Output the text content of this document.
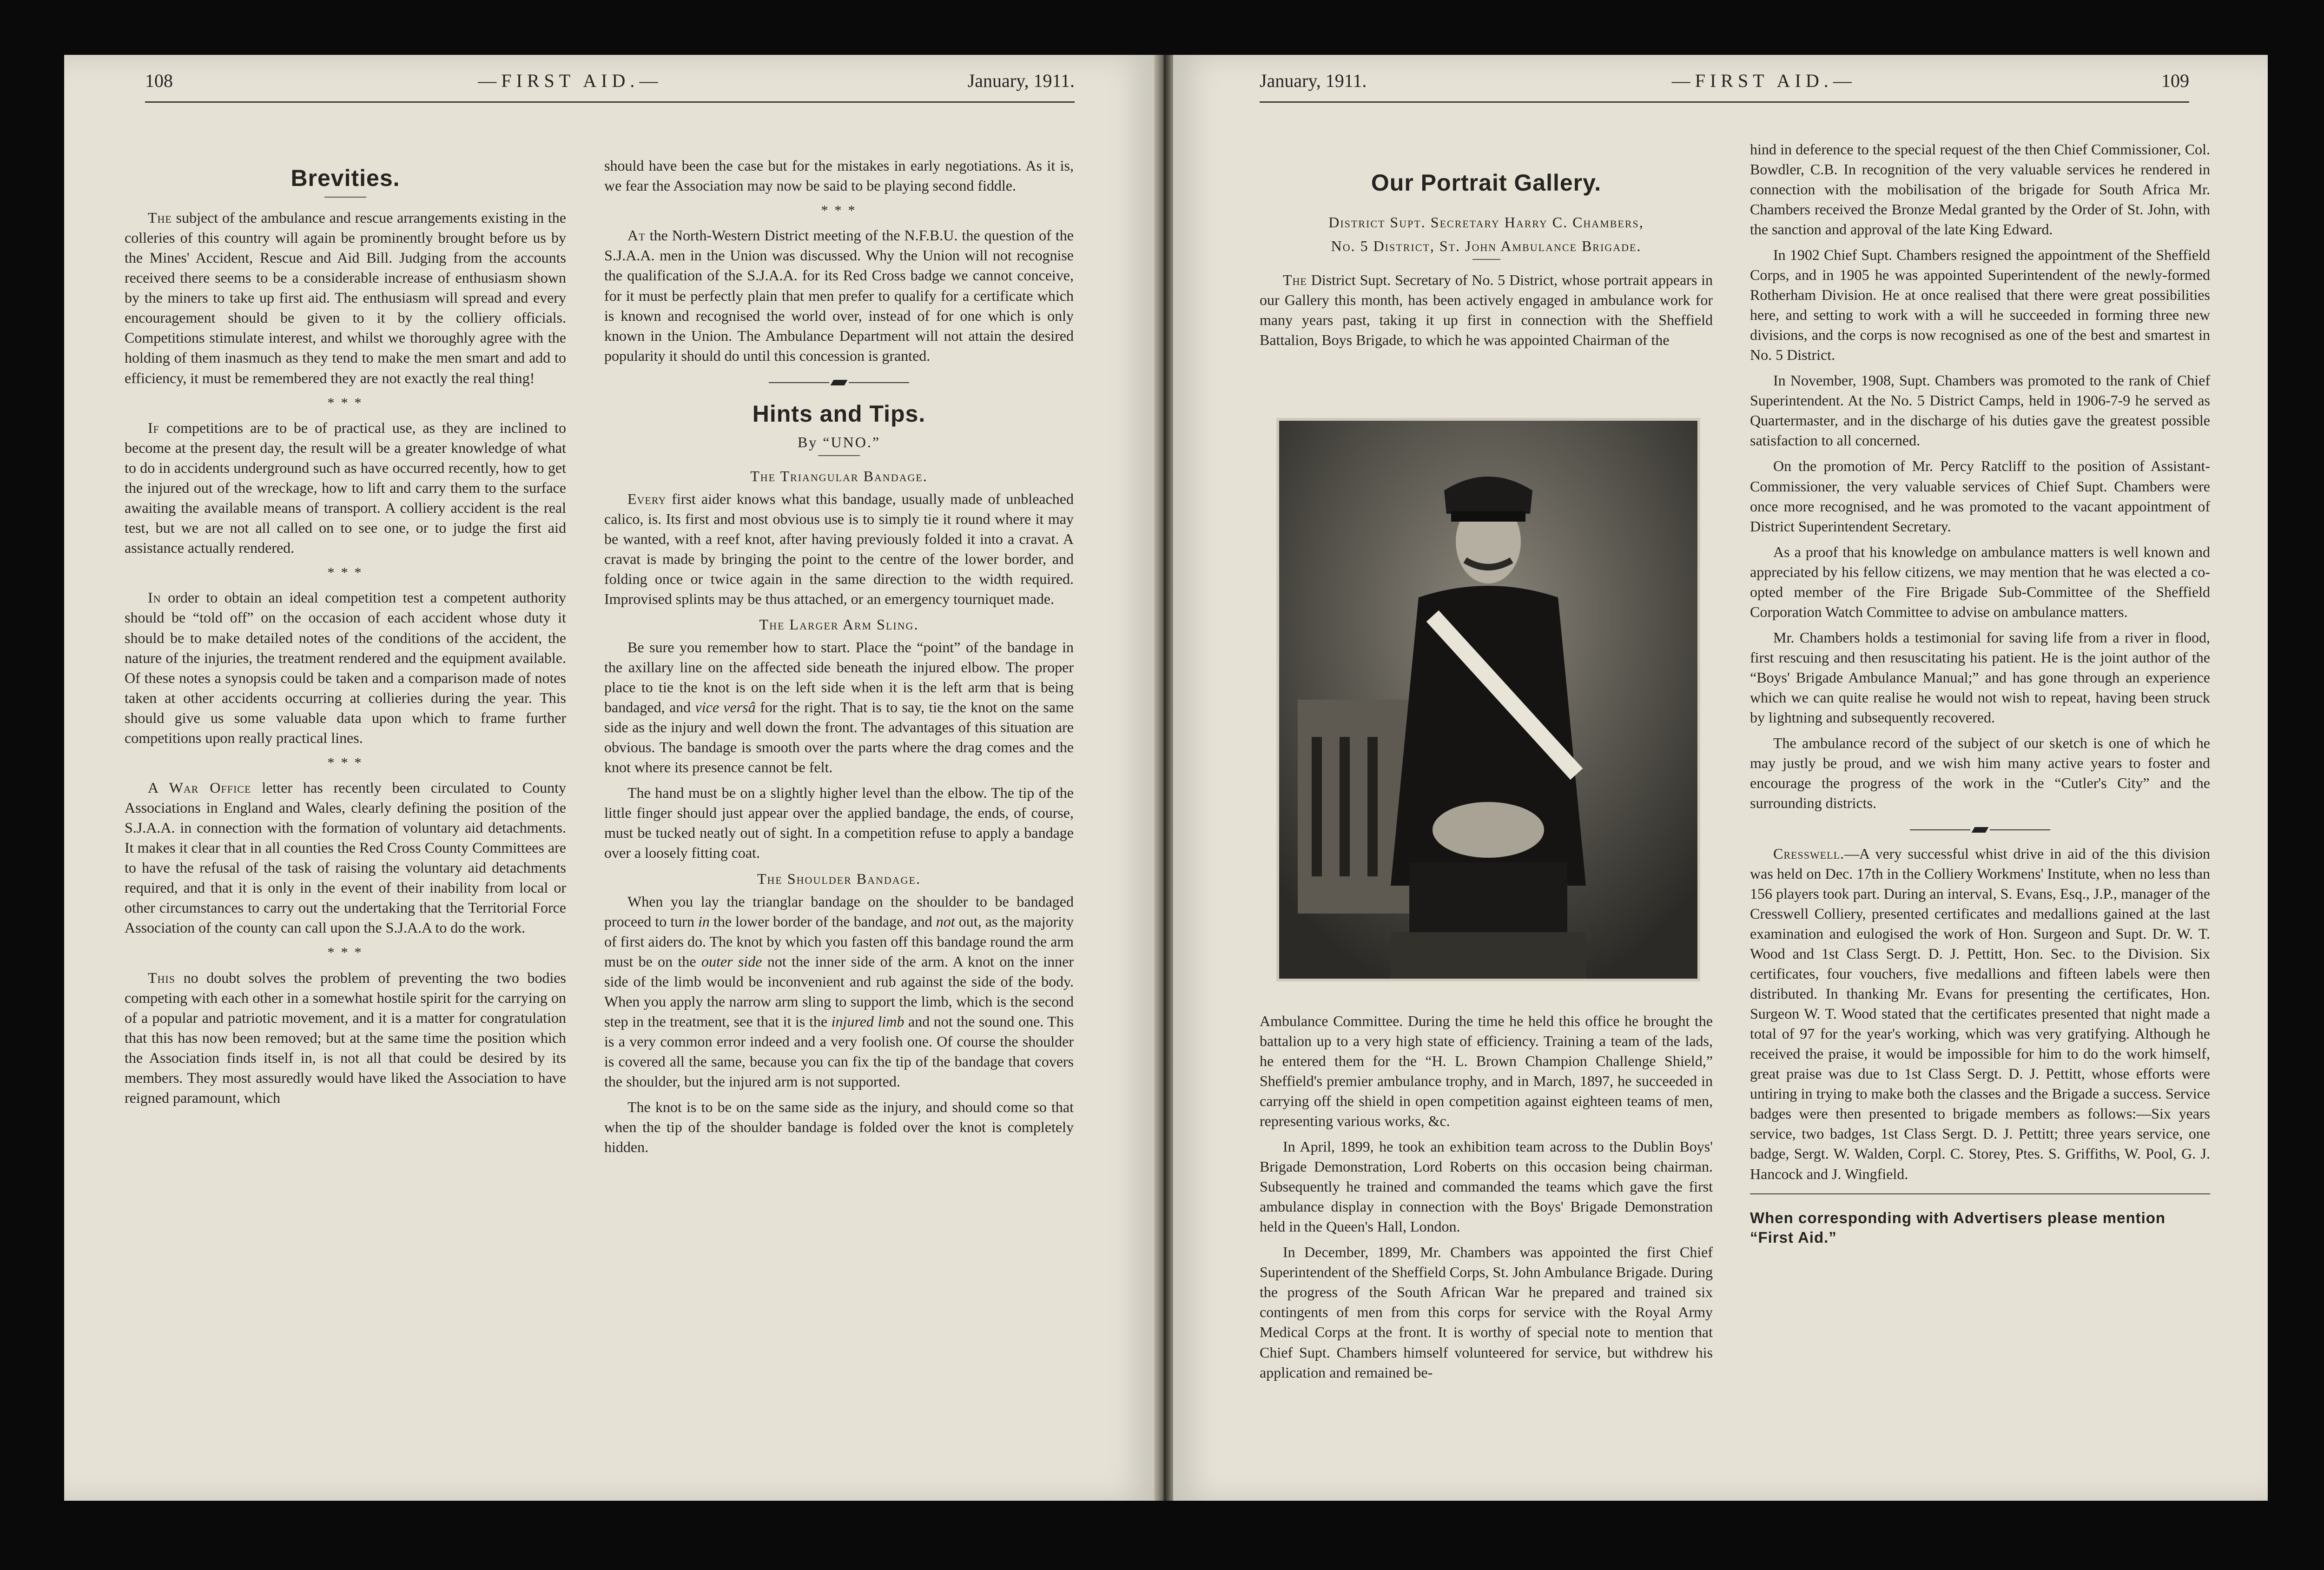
108	—FIRST AID.—	January, 1911.
Brevities.

The subject of the ambulance and rescue arrangements existing in the colleries of this country will again be prominently brought before us by the Mines' Accident, Rescue and Aid Bill. Judging from the accounts received there seems to be a considerable increase of enthusiasm shown by the miners to take up first aid. The enthusiasm will spread and every encouragement should be given to it by the colliery officials. Competitions stimulate interest, and whilst we thoroughly agree with the holding of them inasmuch as they tend to make the men smart and add to efficiency, it must be remembered they are not exactly the real thing!

* * *

If competitions are to be of practical use, as they are inclined to become at the present day, the result will be a greater knowledge of what to do in accidents underground such as have occurred recently, how to get the injured out of the wreckage, how to lift and carry them to the surface awaiting the available means of transport. A colliery accident is the real test, but we are not all called on to see one, or to judge the first aid assistance actually rendered.

* * *

In order to obtain an ideal competition test a competent authority should be “told off” on the occasion of each accident whose duty it should be to make detailed notes of the conditions of the accident, the nature of the injuries, the treatment rendered and the equipment available. Of these notes a synopsis could be taken and a comparison made of notes taken at other accidents occurring at collieries during the year. This should give us some valuable data upon which to frame further competitions upon really practical lines.

* * *

A War Office letter has recently been circulated to County Associations in England and Wales, clearly defining the position of the S.J.A.A. in connection with the formation of voluntary aid detachments. It makes it clear that in all counties the Red Cross County Committees are to have the refusal of the task of raising the voluntary aid detachments required, and that it is only in the event of their inability from local or other circumstances to carry out the undertaking that the Territorial Force Association of the county can call upon the S.J.A.A to do the work.

* * *

This no doubt solves the problem of preventing the two bodies competing with each other in a somewhat hostile spirit for the carrying on of a popular and patriotic movement, and it is a matter for congratulation that this has now been removed; but at the same time the position which the Association finds itself in, is not all that could be desired by its members. They most assuredly would have liked the Association to have reigned paramount, which

should have been the case but for the mistakes in early negotiations. As it is, we fear the Association may now be said to be playing second fiddle.

* * *

At the North-Western District meeting of the N.F.B.U. the question of the S.J.A.A. men in the Union was discussed. Why the Union will not recognise the qualification of the S.J.A.A. for its Red Cross badge we cannot conceive, for it must be perfectly plain that men prefer to qualify for a certificate which is known and recognised the world over, instead of for one which is only known in the Union. The Ambulance Department will not attain the desired popularity it should do until this concession is granted.

Hints and Tips.
By “UNO.”
The Triangular Bandage.

Every first aider knows what this bandage, usually made of unbleached calico, is. Its first and most obvious use is to simply tie it round where it may be wanted, with a reef knot, after having previously folded it into a cravat. A cravat is made by bringing the point to the centre of the lower border, and folding once or twice again in the same direction to the width required. Improvised splints may be thus attached, or an emergency tourniquet made.

The Larger Arm Sling.

Be sure you remember how to start. Place the “point” of the bandage in the axillary line on the affected side beneath the injured elbow. The proper place to tie the knot is on the left side when it is the left arm that is being bandaged, and vice versâ for the right. That is to say, tie the knot on the same side as the injury and well down the front. The advantages of this situation are obvious. The bandage is smooth over the parts where the drag comes and the knot where its presence cannot be felt.

The hand must be on a slightly higher level than the elbow. The tip of the little finger should just appear over the applied bandage, the ends, of course, must be tucked neatly out of sight. In a competition refuse to apply a bandage over a loosely fitting coat.

The Shoulder Bandage.

When you lay the trianglar bandage on the shoulder to be bandaged proceed to turn in the lower border of the bandage, and not out, as the majority of first aiders do. The knot by which you fasten off this bandage round the arm must be on the outer side not the inner side of the arm. A knot on the inner side of the limb would be inconvenient and rub against the side of the body. When you apply the narrow arm sling to support the limb, which is the second step in the treatment, see that it is the injured limb and not the sound one. This is a very common error indeed and a very foolish one. Of course the shoulder is covered all the same, because you can fix the tip of the bandage that covers the shoulder, but the injured arm is not supported.

The knot is to be on the same side as the injury, and should come so that when the tip of the shoulder bandage is folded over the knot is completely hidden.

January, 1911.	—FIRST AID.—	109
Our Portrait Gallery.
District Supt. Secretary Harry C. Chambers,
No. 5 District, St. John Ambulance Brigade.

The District Supt. Secretary of No. 5 District, whose portrait appears in our Gallery this month, has been actively engaged in ambulance work for many years past, taking it up first in connection with the Sheffield Battalion, Boys Brigade, to which he was appointed Chairman of the

Ambulance Committee. During the time he held this office he brought the battalion up to a very high state of efficiency. Training a team of the lads, he entered them for the “H. L. Brown Champion Challenge Shield,” Sheffield's premier ambulance trophy, and in March, 1897, he succeeded in carrying off the shield in open competition against eighteen teams of men, representing various works, &c.

In April, 1899, he took an exhibition team across to the Dublin Boys' Brigade Demonstration, Lord Roberts on this occasion being chairman. Subsequently he trained and commanded the teams which gave the first ambulance display in connection with the Boys' Brigade Demonstration held in the Queen's Hall, London.

In December, 1899, Mr. Chambers was appointed the first Chief Superintendent of the Sheffield Corps, St. John Ambulance Brigade. During the progress of the South African War he prepared and trained six contingents of men from this corps for service with the Royal Army Medical Corps at the front. It is worthy of special note to mention that Chief Supt. Chambers himself volunteered for service, but withdrew his application and remained be-

hind in deference to the special request of the then Chief Commissioner, Col. Bowdler, C.B. In recognition of the very valuable services he rendered in connection with the mobilisation of the brigade for South Africa Mr. Chambers received the Bronze Medal granted by the Order of St. John, with the sanction and approval of the late King Edward.

In 1902 Chief Supt. Chambers resigned the appointment of the Sheffield Corps, and in 1905 he was appointed Superintendent of the newly-formed Rotherham Division. He at once realised that there were great possibilities here, and setting to work with a will he succeeded in forming three new divisions, and the corps is now recognised as one of the best and smartest in No. 5 District.

In November, 1908, Supt. Chambers was promoted to the rank of Chief Superintendent. At the No. 5 District Camps, held in 1906-7-9 he served as Quartermaster, and in the discharge of his duties gave the greatest possible satisfaction to all concerned.

On the promotion of Mr. Percy Ratcliff to the position of Assistant-Commissioner, the very valuable services of Chief Supt. Chambers were once more recognised, and he was promoted to the vacant appointment of District Superintendent Secretary.

As a proof that his knowledge on ambulance matters is well known and appreciated by his fellow citizens, we may mention that he was elected a co-opted member of the Fire Brigade Sub-Committee of the Sheffield Corporation Watch Committee to advise on ambulance matters.

Mr. Chambers holds a testimonial for saving life from a river in flood, first rescuing and then resuscitating his patient. He is the joint author of the “Boys' Brigade Ambulance Manual;” and has gone through an experience which we can quite realise he would not wish to repeat, having been struck by lightning and subsequently recovered.

The ambulance record of the subject of our sketch is one of which he may justly be proud, and we wish him many active years to foster and encourage the progress of the work in the “Cutler's City” and the surrounding districts.

Cresswell.—A very successful whist drive in aid of the this division was held on Dec. 17th in the Colliery Workmens' Institute, when no less than 156 players took part. During an interval, S. Evans, Esq., J.P., manager of the Cresswell Colliery, presented certificates and medallions gained at the last examination and eulogised the work of Hon. Surgeon and Supt. Dr. W. T. Wood and 1st Class Sergt. D. J. Pettitt, Hon. Sec. to the Division. Six certificates, four vouchers, five medallions and fifteen labels were then distributed. In thanking Mr. Evans for presenting the certificates, Hon. Surgeon W. T. Wood stated that the certificates presented that night made a total of 97 for the year's working, which was very gratifying. Although he received the praise, it would be impossible for him to do the work himself, great praise was due to 1st Class Sergt. D. J. Pettitt, whose efforts were untiring in trying to make both the classes and the Brigade a success. Service badges were then presented to brigade members as follows:—Six years service, two badges, 1st Class Sergt. D. J. Pettitt; three years service, one badge, Sergt. W. Walden, Corpl. C. Storey, Ptes. S. Griffiths, W. Pool, G. J. Hancock and J. Wingfield.

When corresponding with Advertisers please mention “First Aid.”
